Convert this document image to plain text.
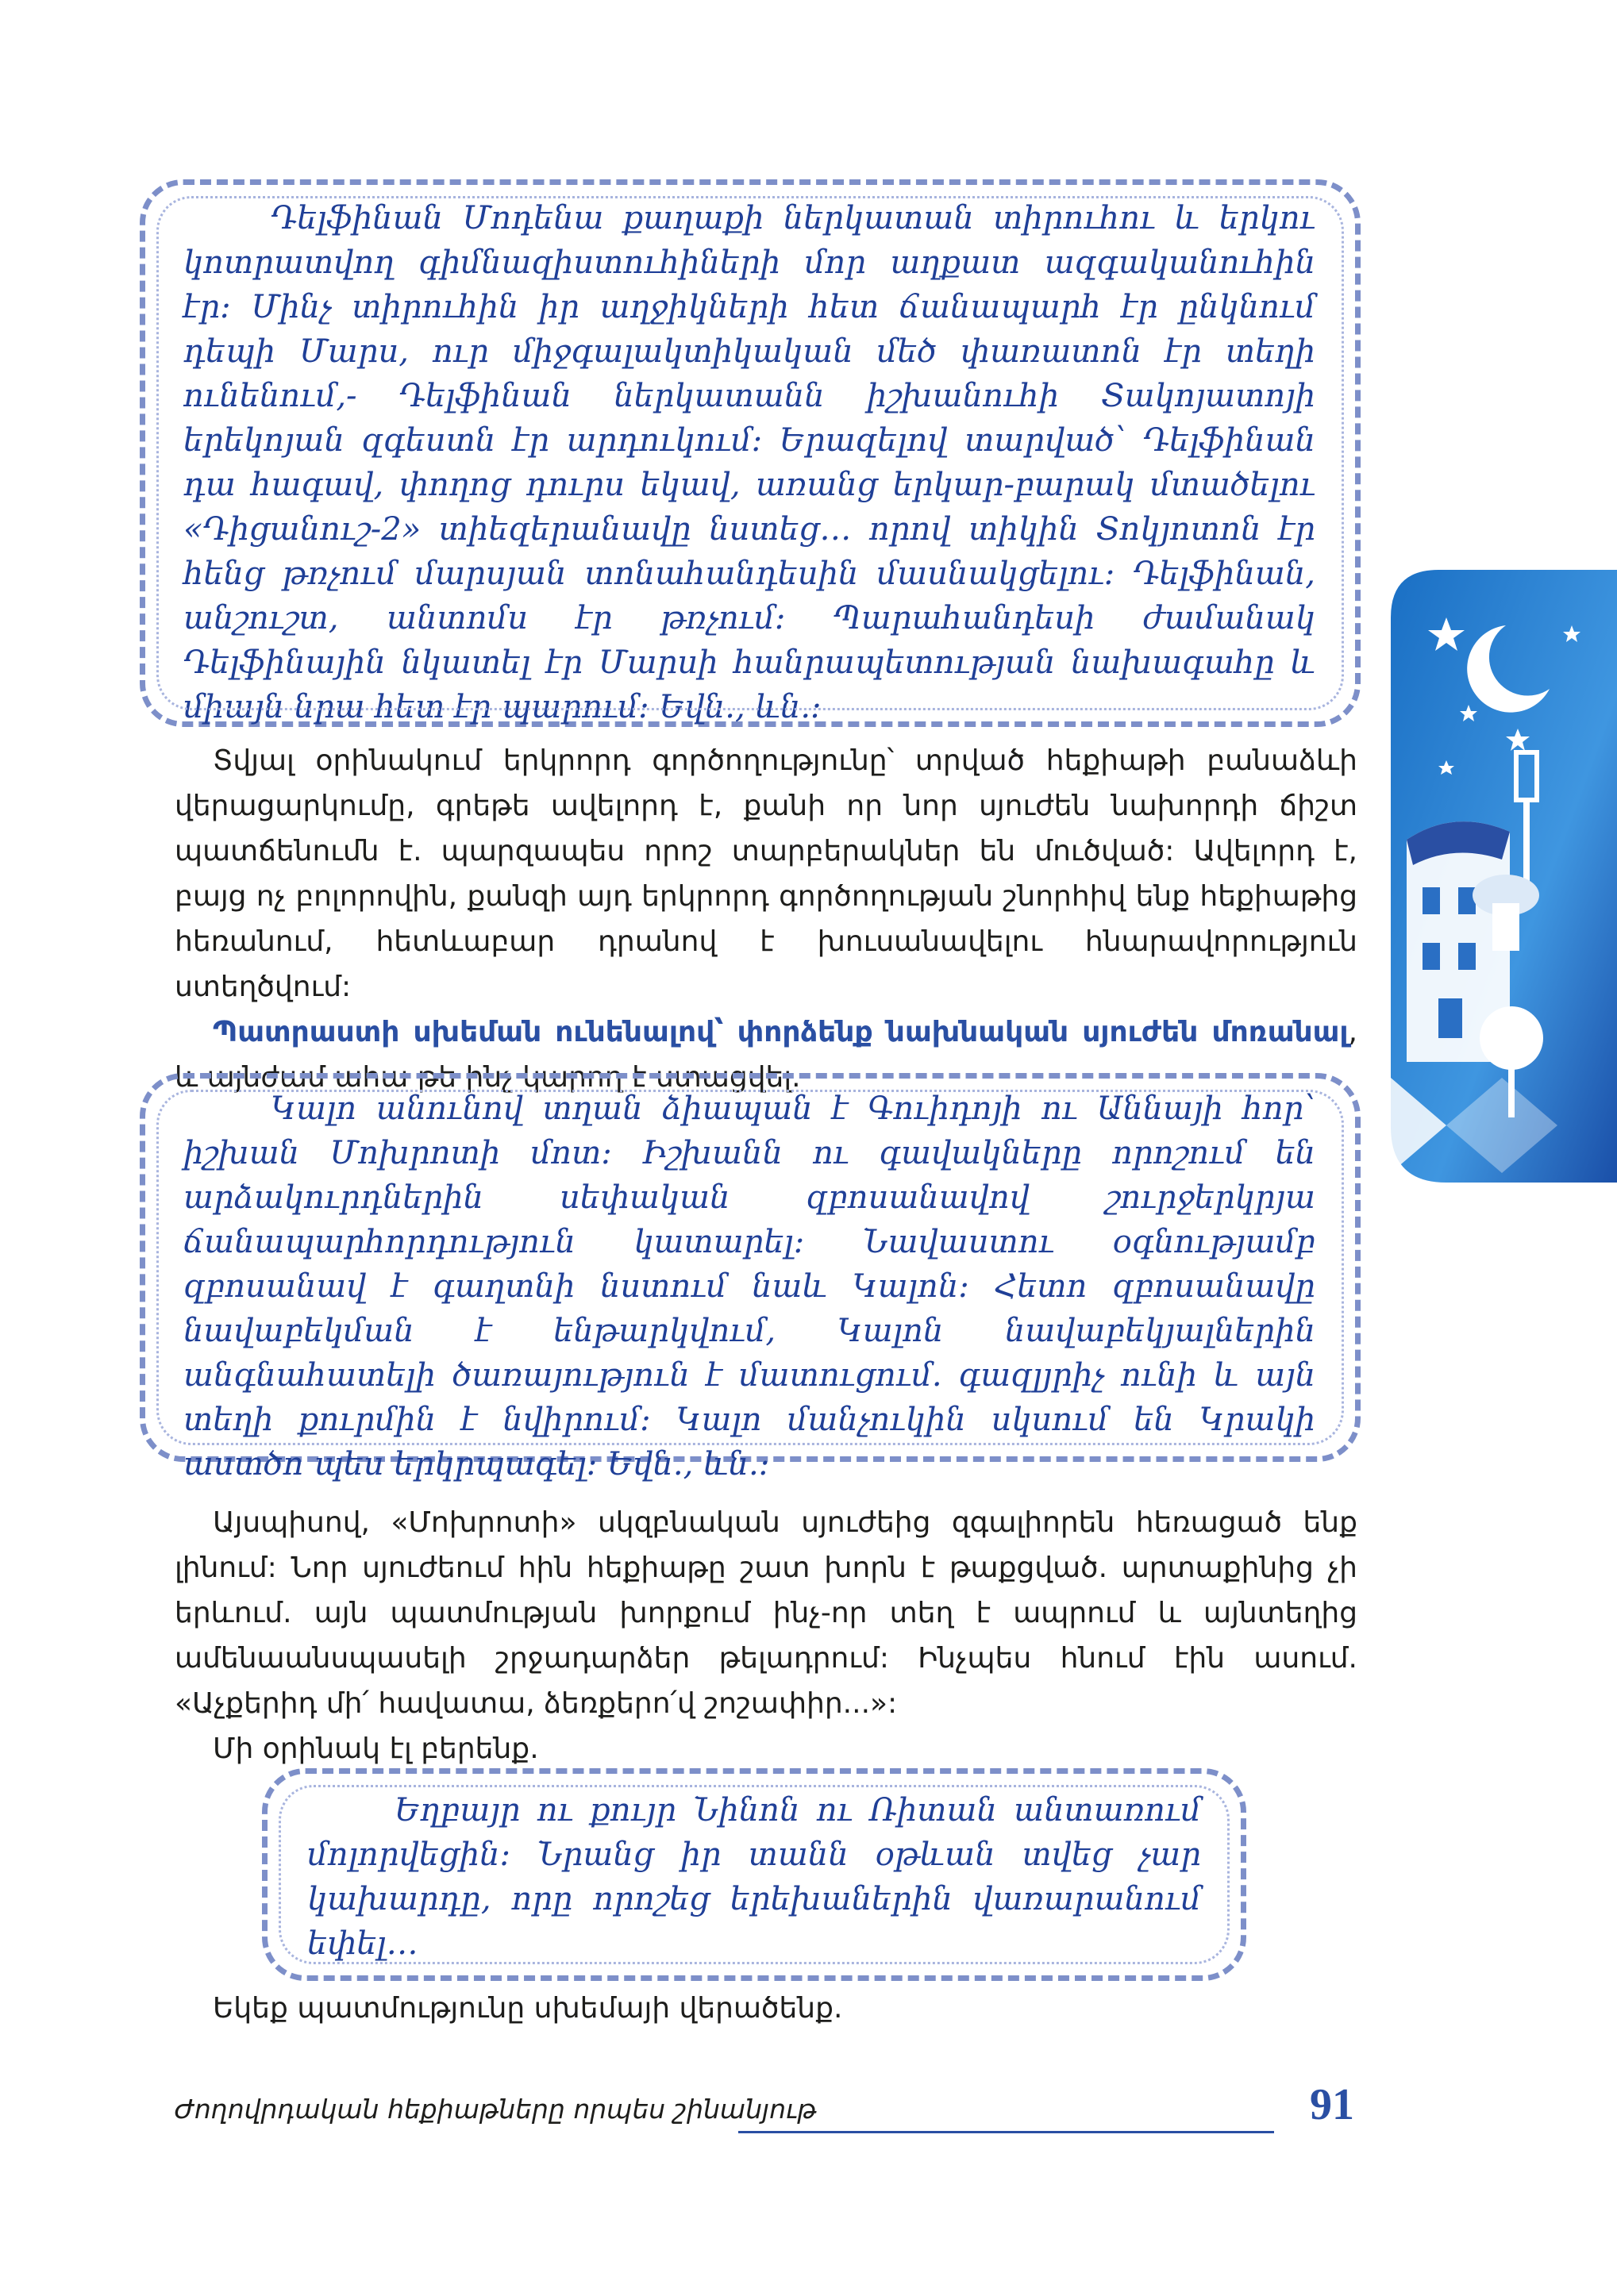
Դելֆինան Մոդենա քաղաքի ներկատան տիրուհու և երկու կոտրատվող գիմնազիստուհիների մոր աղքատ ազգականուհին էր: Մինչ տիրուհին իր աղջիկների հետ ճանապարհ էր ընկնում դեպի Մարս, ուր միջգալակտիկական մեծ փառատոն էր տեղի ունենում,- Դելֆինան ներկատանն իշխանուհի Տակոյատոյի երեկոյան զգեստն էր արդուկում: Երազելով տարված՝ Դելֆինան դա հագավ, փողոց դուրս եկավ, առանց երկար-բարակ մտածելու «Դիցանուշ-2» տիեզերանավը նստեց… որով տիկին Տոկյոտոն էր հենց թռչում մարսյան տոնահանդեսին մասնակցելու: Դելֆինան, անշուշտ, անտոմս էր թռչում: Պարահանդեսի ժամանակ Դելֆինային նկատել էր Մարսի հանրապետության նախագահը և միայն նրա հետ էր պարում: Եվն., ևն.:

Տվյալ օրինակում երկրորդ գործողությունը՝ տրված հեքիաթի բանաձևի վերացարկումը, գրեթե ավելորդ է, քանի որ նոր սյուժեն նախորդի ճիշտ պատճենումն է. պարզապես որոշ տարբերակներ են մուծված: Ավելորդ է, բայց ոչ բոլորովին, քանզի այդ երկրորդ գործողության շնորհիվ ենք հեքիաթից հեռանում, հետևաբար դրանով է խուսանավելու հնարավորություն ստեղծվում:

Պատրաստի սխեման ունենալով՝ փորձենք նախնական սյուժեն մոռանալ, և այնժամ ահա թե ինչ կարող է ստացվել.

Կալո անունով տղան ձիապան է Գուիդոյի ու Աննայի հոր՝ իշխան Մոխրոտի մոտ: Իշխանն ու գավակները որոշում են արձակուրդներին սեփական զբոսանավով շուրջերկրյա ճանապարհորդություն կատարել: Նավաստու օգնությամբ զբոսանավ է գաղտնի նստում նաև Կալոն: Հետո զբոսանավը նավաբեկման է ենթարկվում, Կալոն նավաբեկյալներին անգնահատելի ծառայություն է մատուցում. գազլյրիչ ունի և այն տեղի քուրմին է նվիրում: Կալո մանչուկին սկսում են Կրակի աստծո պես երկրպագել: Եվն., ևն.:

Այսպիսով, «Մոխրոտի» սկզբնական սյուժեից զգալիորեն հեռացած ենք լինում: Նոր սյուժեում հին հեքիաթը շատ խորն է թաքցված. արտաքինից չի երևում. այն պատմության խորքում ինչ-որ տեղ է ապրում և այնտեղից ամենաանսպասելի շրջադարձեր թելադրում: Ինչպես հնում էին ասում. «Աչքերիդ մի՛ հավատա, ձեռքերո՛վ շոշափիր...»:

Մի օրինակ էլ բերենք.

Եղբայր ու քույր Նինոն ու Ռիտան անտառում մոլորվեցին: Նրանց իր տանն օթևան տվեց չար կախարդը, որը որոշեց երեխաներին վառարանում եփել…

Եկեք պատմությունը սխեմայի վերածենք.

Ժողովրդական հեքիաթները որպես շինանյութ	91
